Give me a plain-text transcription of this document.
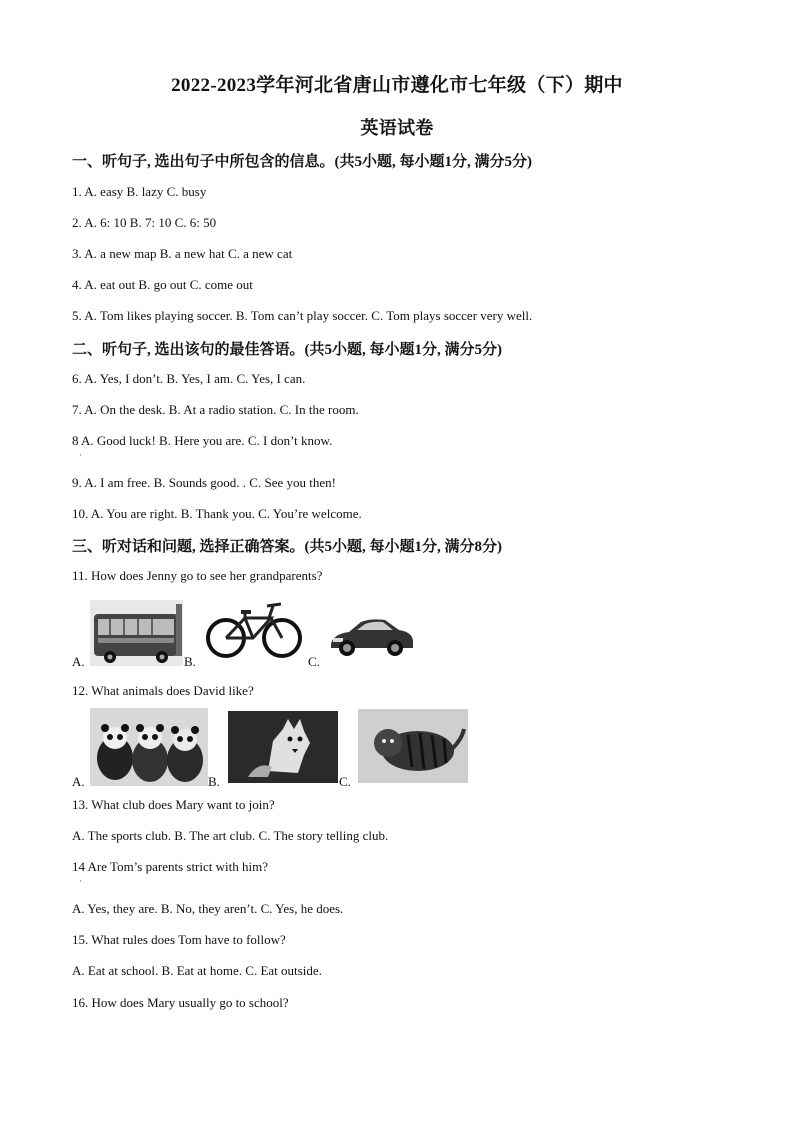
2022-2023学年河北省唐山市遵化市七年级（下）期中
英语试卷
一、听句子, 选出句子中所包含的信息。(共5小题, 每小题1分, 满分5分)
1. A. easy B. lazy C. busy
2. A. 6: 10 B. 7: 10 C. 6: 50
3. A. a new map B. a new hat C. a new cat
4. A. eat out B. go out C. come out
5. A. Tom likes playing soccer. B. Tom can’t play soccer. C. Tom plays soccer very well.
二、听句子, 选出该句的最佳答语。(共5小题, 每小题1分, 满分5分)
6. A. Yes, I don’t. B. Yes, I am. C. Yes, I can.
7. A. On the desk. B. At a radio station. C. In the room.
8 A. Good luck! B. Here you are. C. I don’t know.
·
9. A. I am free. B. Sounds good. . C. See you then!
10. A. You are right. B. Thank you. C. You’re welcome.
三、听对话和问题, 选择正确答案。(共5小题, 每小题1分, 满分8分)
11. How does Jenny go to see her grandparents?
A.	B.	C.
12. What animals does David like?
A.	B.	C.
13. What club does Mary want to join?
A. The sports club. B. The art club. C. The story telling club.
14 Are Tom’s parents strict with him?
·
A. Yes, they are. B. No, they aren’t. C. Yes, he does.
15. What rules does Tom have to follow?
A. Eat at school. B. Eat at home. C. Eat outside.
16. How does Mary usually go to school?
